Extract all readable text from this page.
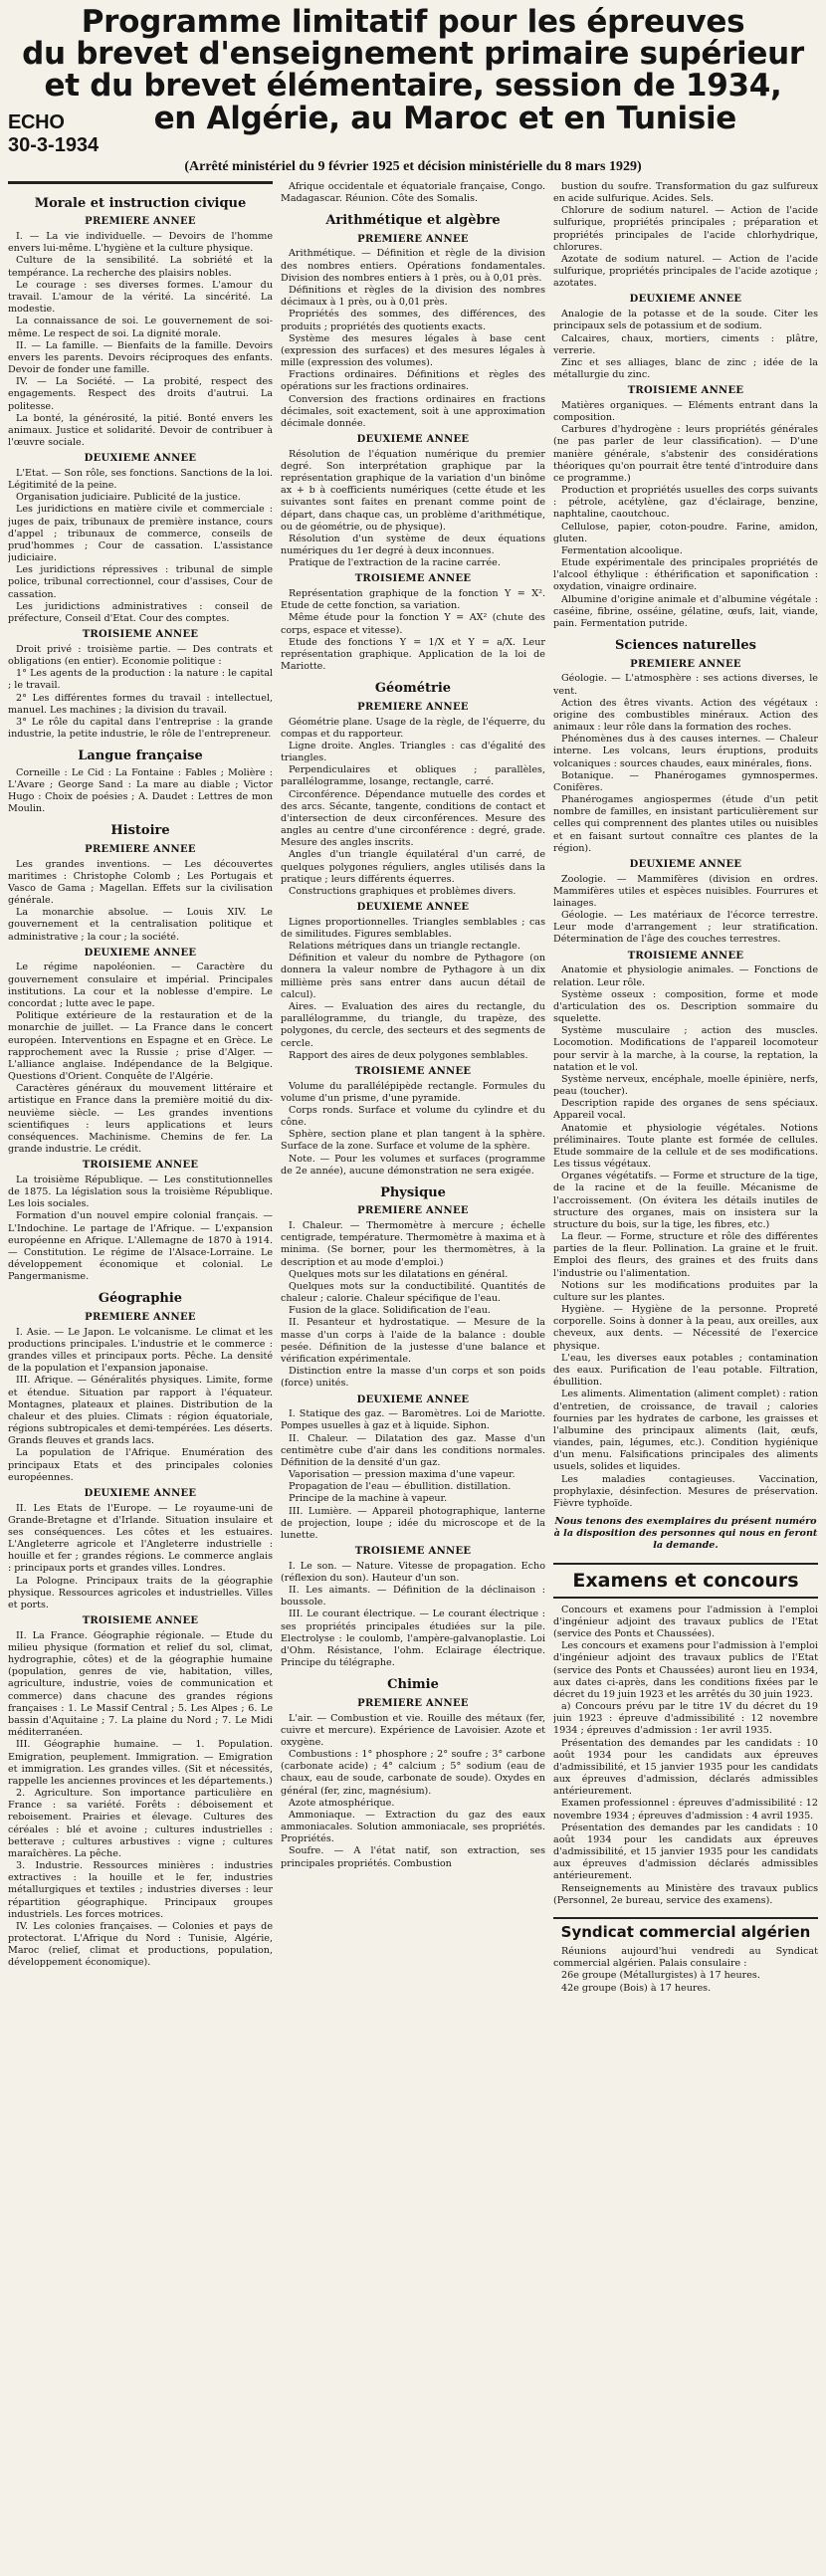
Programme limitatif pour les épreuves
du brevet d'enseignement primaire supérieur
et du brevet élémentaire, session de 1934,
ECHO	en Algérie, au Maroc et en Tunisie
30-3-1934
(Arrêté ministériel du 9 février 1925 et décision ministérielle du 8 mars 1929)
Morale et instruction civique
PREMIERE ANNEE

I. — La vie individuelle. — Devoirs de l'homme envers lui-même. L'hygiène et la culture physique.

Culture de la sensibilité. La sobriété et la tempérance. La recherche des plaisirs nobles.

Le courage : ses diverses formes. L'amour du travail. L'amour de la vérité. La sincérité. La modestie.

La connaissance de soi. Le gouvernement de soi-même. Le respect de soi. La dignité morale.

II. — La famille. — Bienfaits de la famille. Devoirs envers les parents. Devoirs réciproques des enfants. Devoir de fonder une famille.

IV. — La Société. — La probité, respect des engagements. Respect des droits d'autrui. La politesse.

La bonté, la générosité, la pitié. Bonté envers les animaux. Justice et solidarité. Devoir de contribuer à l'œuvre sociale.

DEUXIEME ANNEE

L'Etat. — Son rôle, ses fonctions. Sanctions de la loi. Légitimité de la peine.

Organisation judiciaire. Publicité de la justice.

Les juridictions en matière civile et commerciale : juges de paix, tribunaux de première instance, cours d'appel ; tribunaux de commerce, conseils de prud'hommes ; Cour de cassation. L'assistance judiciaire.

Les juridictions répressives : tribunal de simple police, tribunal correctionnel, cour d'assises, Cour de cassation.

Les juridictions administratives : conseil de préfecture, Conseil d'Etat. Cour des comptes.

TROISIEME ANNEE

Droit privé : troisième partie. — Des contrats et obligations (en entier). Economie politique :

1° Les agents de la production : la nature : le capital ; le travail.

2° Les différentes formes du travail : intellectuel, manuel. Les machines ; la division du travail.

3° Le rôle du capital dans l'entreprise : la grande industrie, la petite industrie, le rôle de l'entrepreneur.

Langue française

Corneille : Le Cid : La Fontaine : Fables ; Molière : L'Avare ; George Sand : La mare au diable ; Victor Hugo : Choix de poésies ; A. Daudet : Lettres de mon Moulin.

Histoire
PREMIERE ANNEE

Les grandes inventions. — Les découvertes maritimes : Christophe Colomb ; Les Portugais et Vasco de Gama ; Magellan. Effets sur la civilisation générale.

La monarchie absolue. — Louis XIV. Le gouvernement et la centralisation politique et administrative ; la cour ; la société.

DEUXIEME ANNEE

Le régime napoléonien. — Caractère du gouvernement consulaire et impérial. Principales institutions. La cour et la noblesse d'empire. Le concordat ; lutte avec le pape.

Politique extérieure de la restauration et de la monarchie de juillet. — La France dans le concert européen. Interventions en Espagne et en Grèce. Le rapprochement avec la Russie ; prise d'Alger. — L'alliance anglaise. Indépendance de la Belgique. Questions d'Orient. Conquête de l'Algérie.

Caractères généraux du mouvement littéraire et artistique en France dans la première moitié du dix-neuvième siècle. — Les grandes inventions scientifiques : leurs applications et leurs conséquences. Machinisme. Chemins de fer. La grande industrie. Le crédit.

TROISIEME ANNEE

La troisième République. — Les constitutionnelles de 1875. La législation sous la troisième République. Les lois sociales.

Formation d'un nouvel empire colonial français. — L'Indochine. Le partage de l'Afrique. — L'expansion européenne en Afrique. L'Allemagne de 1870 à 1914. — Constitution. Le régime de l'Alsace-Lorraine. Le développement économique et colonial. Le Pangermanisme.

Géographie
PREMIERE ANNEE

I. Asie. — Le Japon. Le volcanisme. Le climat et les productions principales. L'industrie et le commerce : grandes villes et principaux ports. Pêche. La densité de la population et l'expansion japonaise.

III. Afrique. — Généralités physiques. Limite, forme et étendue. Situation par rapport à l'équateur. Montagnes, plateaux et plaines. Distribution de la chaleur et des pluies. Climats : région équatoriale, régions subtropicales et demi-tempérées. Les déserts. Grands fleuves et grands lacs.

La population de l'Afrique. Enumération des principaux Etats et des principales colonies européennes.

DEUXIEME ANNEE

II. Les Etats de l'Europe. — Le royaume-uni de Grande-Bretagne et d'Irlande. Situation insulaire et ses conséquences. Les côtes et les estuaires. L'Angleterre agricole et l'Angleterre industrielle : houille et fer ; grandes régions. Le commerce anglais : principaux ports et grandes villes. Londres.

La Pologne. Principaux traits de la géographie physique. Ressources agricoles et industrielles. Villes et ports.

TROISIEME ANNEE

II. La France. Géographie régionale. — Etude du milieu physique (formation et relief du sol, climat, hydrographie, côtes) et de la géographie humaine (population, genres de vie, habitation, villes, agriculture, industrie, voies de communication et commerce) dans chacune des grandes régions françaises : 1. Le Massif Central ; 5. Les Alpes ; 6. Le bassin d'Aquitaine ; 7. La plaine du Nord ; 7. Le Midi méditerranéen.

III. Géographie humaine. — 1. Population. Emigration, peuplement. Immigration. — Emigration et immigration. Les grandes villes. (Sit et nécessités, rappelle les anciennes provinces et les départements.)

2. Agriculture. Son importance particulière en France : sa variété. Forêts : déboisement et reboisement. Prairies et élevage. Cultures des céréales : blé et avoine ; cultures industrielles : betterave ; cultures arbustives : vigne ; cultures maraîchères. La pêche.

3. Industrie. Ressources minières : industries extractives : la houille et le fer, industries métallurgiques et textiles ; industries diverses : leur répartition géographique. Principaux groupes industriels. Les forces motrices.

IV. Les colonies françaises. — Colonies et pays de protectorat. L'Afrique du Nord : Tunisie, Algérie, Maroc (relief, climat et productions, population, développement économique).

Afrique occidentale et équatoriale française, Congo. Madagascar. Réunion. Côte des Somalis.

Arithmétique et algèbre
PREMIERE ANNEE

Arithmétique. — Définition et règle de la division des nombres entiers. Opérations fondamentales. Division des nombres entiers à 1 près, ou à 0,01 près.

Définitions et règles de la division des nombres décimaux à 1 près, ou à 0,01 près.

Propriétés des sommes, des différences, des produits ; propriétés des quotients exacts.

Système des mesures légales à base cent (expression des surfaces) et des mesures légales à mille (expression des volumes).

Fractions ordinaires. Définitions et règles des opérations sur les fractions ordinaires.

Conversion des fractions ordinaires en fractions décimales, soit exactement, soit à une approximation décimale donnée.

DEUXIEME ANNEE

Résolution de l'équation numérique du premier degré. Son interprétation graphique par la représentation graphique de la variation d'un binôme ax + b à coefficients numériques (cette étude et les suivantes sont faites en prenant comme point de départ, dans chaque cas, un problème d'arithmétique, ou de géométrie, ou de physique).

Résolution d'un système de deux équations numériques du 1er degré à deux inconnues.

Pratique de l'extraction de la racine carrée.

TROISIEME ANNEE

Représentation graphique de la fonction Y = X². Etude de cette fonction, sa variation.

Même étude pour la fonction Y = AX² (chute des corps, espace et vitesse).

Etude des fonctions Y = 1/X et Y = a/X. Leur représentation graphique. Application de la loi de Mariotte.

Géométrie
PREMIERE ANNEE

Géométrie plane. Usage de la règle, de l'équerre, du compas et du rapporteur.

Ligne droite. Angles. Triangles : cas d'égalité des triangles.

Perpendiculaires et obliques ; parallèles, parallélogramme, losange, rectangle, carré.

Circonférence. Dépendance mutuelle des cordes et des arcs. Sécante, tangente, conditions de contact et d'intersection de deux circonférences. Mesure des angles au centre d'une circonférence : degré, grade. Mesure des angles inscrits.

Angles d'un triangle équilatéral d'un carré, de quelques polygones réguliers, angles utilisés dans la pratique ; leurs différents équerres.

Constructions graphiques et problèmes divers.

DEUXIEME ANNEE

Lignes proportionnelles. Triangles semblables ; cas de similitudes. Figures semblables.

Relations métriques dans un triangle rectangle.

Définition et valeur du nombre de Pythagore (on donnera la valeur nombre de Pythagore à un dix millième près sans entrer dans aucun détail de calcul).

Aires. — Evaluation des aires du rectangle, du parallélogramme, du triangle, du trapèze, des polygones, du cercle, des secteurs et des segments de cercle.

Rapport des aires de deux polygones semblables.

TROISIEME ANNEE

Volume du parallélépipède rectangle. Formules du volume d'un prisme, d'une pyramide.

Corps ronds. Surface et volume du cylindre et du cône.

Sphère, section plane et plan tangent à la sphère. Surface de la zone. Surface et volume de la sphère.

Note. — Pour les volumes et surfaces (programme de 2e année), aucune démonstration ne sera exigée.

Physique
PREMIERE ANNEE

I. Chaleur. — Thermomètre à mercure ; échelle centigrade, température. Thermomètre à maxima et à minima. (Se borner, pour les thermomètres, à la description et au mode d'emploi.)

Quelques mots sur les dilatations en général.

Quelques mots sur la conductibilité. Quantités de chaleur ; calorie. Chaleur spécifique de l'eau.

Fusion de la glace. Solidification de l'eau.

II. Pesanteur et hydrostatique. — Mesure de la masse d'un corps à l'aide de la balance : double pesée. Définition de la justesse d'une balance et vérification expérimentale.

Distinction entre la masse d'un corps et son poids (force) unités.

DEUXIEME ANNEE

I. Statique des gaz. — Baromètres. Loi de Mariotte. Pompes usuelles à gaz et à liquide. Siphon.

II. Chaleur. — Dilatation des gaz. Masse d'un centimètre cube d'air dans les conditions normales. Définition de la densité d'un gaz.

Vaporisation — pression maxima d'une vapeur.

Propagation de l'eau — ébullition. distillation.

Principe de la machine à vapeur.

III. Lumière. — Appareil photographique, lanterne de projection, loupe ; idée du microscope et de la lunette.

TROISIEME ANNEE

I. Le son. — Nature. Vitesse de propagation. Echo (réflexion du son). Hauteur d'un son.

II. Les aimants. — Définition de la déclinaison : boussole.

III. Le courant électrique. — Le courant électrique : ses propriétés principales étudiées sur la pile. Electrolyse : le coulomb, l'ampère-galvanoplastie. Loi d'Ohm. Résistance, l'ohm. Eclairage électrique. Principe du télégraphe.

Chimie
PREMIERE ANNEE

L'air. — Combustion et vie. Rouille des métaux (fer, cuivre et mercure). Expérience de Lavoisier. Azote et oxygène.

Combustions : 1° phosphore ; 2° soufre ; 3° carbone (carbonate acide) ; 4° calcium ; 5° sodium (eau de chaux, eau de soude, carbonate de soude). Oxydes en général (fer, zinc, magnésium).

Azote atmosphérique.

Ammoniaque. — Extraction du gaz des eaux ammoniacales. Solution ammoniacale, ses propriétés. Propriétés.

Soufre. — A l'état natif, son extraction, ses principales propriétés. Combustion

bustion du soufre. Transformation du gaz sulfureux en acide sulfurique. Acides. Sels.

Chlorure de sodium naturel. — Action de l'acide sulfurique, propriétés principales ; préparation et propriétés principales de l'acide chlorhydrique, chlorures.

Azotate de sodium naturel. — Action de l'acide sulfurique, propriétés principales de l'acide azotique ; azotates.

DEUXIEME ANNEE

Analogie de la potasse et de la soude. Citer les principaux sels de potassium et de sodium.

Calcaires, chaux, mortiers, ciments : plâtre, verrerie.

Zinc et ses alliages, blanc de zinc ; idée de la métallurgie du zinc.

TROISIEME ANNEE

Matières organiques. — Eléments entrant dans la composition.

Carbures d'hydrogène : leurs propriétés générales (ne pas parler de leur classification). — D'une manière générale, s'abstenir des considérations théoriques qu'on pourrait être tenté d'introduire dans ce programme.)

Production et propriétés usuelles des corps suivants : pétrole, acétylène, gaz d'éclairage, benzine, naphtaline, caoutchouc.

Cellulose, papier, coton-poudre. Farine, amidon, gluten.

Fermentation alcoolique.

Etude expérimentale des principales propriétés de l'alcool éthylique : éthérification et saponification : oxydation, vinaigre ordinaire.

Albumine d'origine animale et d'albumine végétale : caséine, fibrine, osséine, gélatine, œufs, lait, viande, pain. Fermentation putride.

Sciences naturelles
PREMIERE ANNEE

Géologie. — L'atmosphère : ses actions diverses, le vent.

Action des êtres vivants. Action des végétaux : origine des combustibles minéraux. Action des animaux : leur rôle dans la formation des roches.

Phénomènes dus à des causes internes. — Chaleur interne. Les volcans, leurs éruptions, produits volcaniques : sources chaudes, eaux minérales, fions.

Botanique. — Phanérogames gymnospermes. Conifères.

Phanérogames angiospermes (étude d'un petit nombre de familles, en insistant particulièrement sur celles qui comprennent des plantes utiles ou nuisibles et en faisant surtout connaître ces plantes de la région).

DEUXIEME ANNEE

Zoologie. — Mammifères (division en ordres. Mammifères utiles et espèces nuisibles. Fourrures et lainages.

Géologie. — Les matériaux de l'écorce terrestre. Leur mode d'arrangement ; leur stratification. Détermination de l'âge des couches terrestres.

TROISIEME ANNEE

Anatomie et physiologie animales. — Fonctions de relation. Leur rôle.

Système osseux : composition, forme et mode d'articulation des os. Description sommaire du squelette.

Système musculaire ; action des muscles. Locomotion. Modifications de l'appareil locomoteur pour servir à la marche, à la course, la reptation, la natation et le vol.

Système nerveux, encéphale, moelle épinière, nerfs, peau (toucher).

Description rapide des organes de sens spéciaux. Appareil vocal.

Anatomie et physiologie végétales. Notions préliminaires. Toute plante est formée de cellules. Etude sommaire de la cellule et de ses modifications. Les tissus végétaux.

Organes végétatifs. — Forme et structure de la tige, de la racine et de la feuille. Mécanisme de l'accroissement. (On évitera les détails inutiles de structure des organes, mais on insistera sur la structure du bois, sur la tige, les fibres, etc.)

La fleur. — Forme, structure et rôle des différentes parties de la fleur. Pollination. La graine et le fruit. Emploi des fleurs, des graines et des fruits dans l'industrie ou l'alimentation.

Notions sur les modifications produites par la culture sur les plantes.

Hygiène. — Hygiène de la personne. Propreté corporelle. Soins à donner à la peau, aux oreilles, aux cheveux, aux dents. — Nécessité de l'exercice physique.

L'eau, les diverses eaux potables ; contamination des eaux. Purification de l'eau potable. Filtration, ébullition.

Les aliments. Alimentation (aliment complet) : ration d'entretien, de croissance, de travail ; calories fournies par les hydrates de carbone, les graisses et l'albumine des principaux aliments (lait, œufs, viandes, pain, légumes, etc.). Condition hygiénique d'un menu. Falsifications principales des aliments usuels, solides et liquides.

Les maladies contagieuses. Vaccination, prophylaxie, désinfection. Mesures de préservation. Fièvre typhoïde.

Nous tenons des exemplaires du présent numéro à la disposition des personnes qui nous en feront la demande.
Examens et concours

Concours et examens pour l'admission à l'emploi d'ingénieur adjoint des travaux publics de l'Etat (service des Ponts et Chaussées).

Les concours et examens pour l'admission à l'emploi d'ingénieur adjoint des travaux publics de l'Etat (service des Ponts et Chaussées) auront lieu en 1934, aux dates ci-après, dans les conditions fixées par le décret du 19 juin 1923 et les arrêtés du 30 juin 1923.

a) Concours prévu par le titre 1V du décret du 19 juin 1923 : épreuve d'admissibilité : 12 novembre 1934 ; épreuves d'admission : 1er avril 1935.

Présentation des demandes par les candidats : 10 août 1934 pour les candidats aux épreuves d'admissibilité, et 15 janvier 1935 pour les candidats aux épreuves d'admission, déclarés admissibles antérieurement.

Examen professionnel : épreuves d'admissibilité : 12 novembre 1934 ; épreuves d'admission : 4 avril 1935.

Présentation des demandes par les candidats : 10 août 1934 pour les candidats aux épreuves d'admissibilité, et 15 janvier 1935 pour les candidats aux épreuves d'admission déclarés admissibles antérieurement.

Renseignements au Ministère des travaux publics (Personnel, 2e bureau, service des examens).

Syndicat commercial algérien

Réunions aujourd'hui vendredi au Syndicat commercial algérien. Palais consulaire :

26e groupe (Métallurgistes) à 17 heures.

42e groupe (Bois) à 17 heures.
